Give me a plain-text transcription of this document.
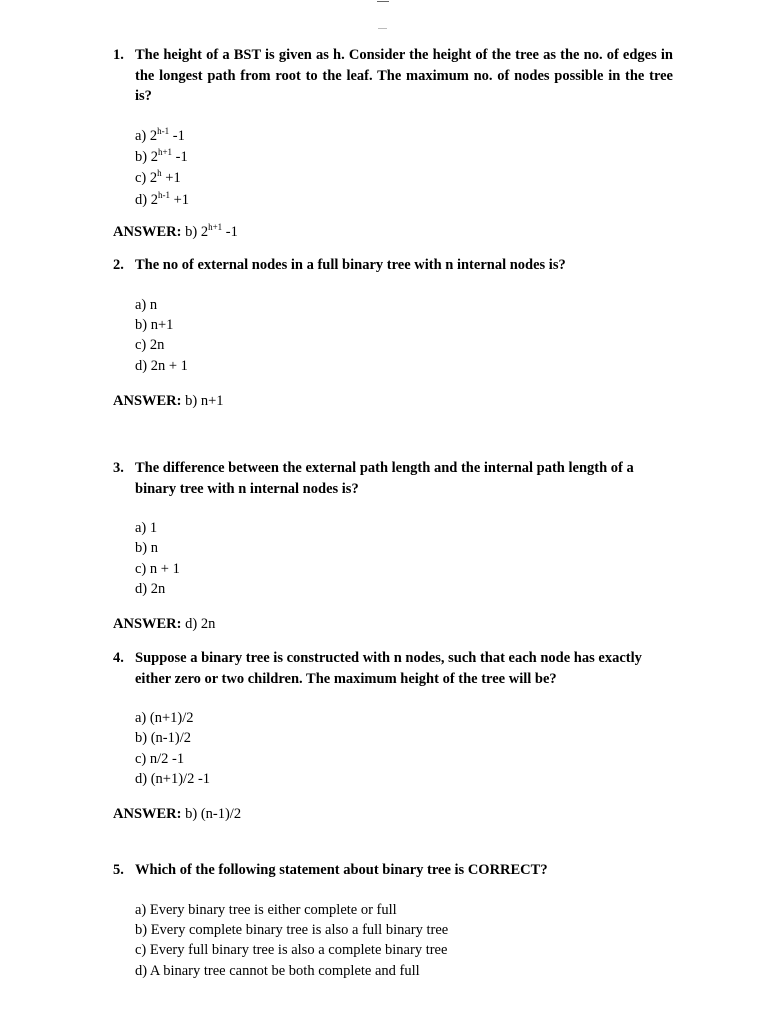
1. The height of a BST is given as h. Consider the height of the tree as the no. of edges in the longest path from root to the leaf. The maximum no. of nodes possible in the tree is?
a) 2$^{h-1}$ -1
b) $2^{h+1}$ -1
c) $2^h +1$
d) $2^{h-1} +1$
ANSWER: b) $2^{h+1}$ -1
2. The no of external nodes in a full binary tree with n internal nodes is?
a) n
b) n+1
c) 2n
d) 2n + 1
ANSWER: b) n+1
3. The difference between the external path length and the internal path length of a binary tree with n internal nodes is?
a) 1
b) n
c) n + 1
d) 2n
ANSWER: d) 2n
4. Suppose a binary tree is constructed with n nodes, such that each node has exactly either zero or two children. The maximum height of the tree will be?
a) (n+1)/2
b) (n-1)/2
c) n/2 -1
d) (n+1)/2 -1
ANSWER: b) (n-1)/2
5. Which of the following statement about binary tree is CORRECT?
a) Every binary tree is either complete or full
b) Every complete binary tree is also a full binary tree
c) Every full binary tree is also a complete binary tree
d) A binary tree cannot be both complete and full
